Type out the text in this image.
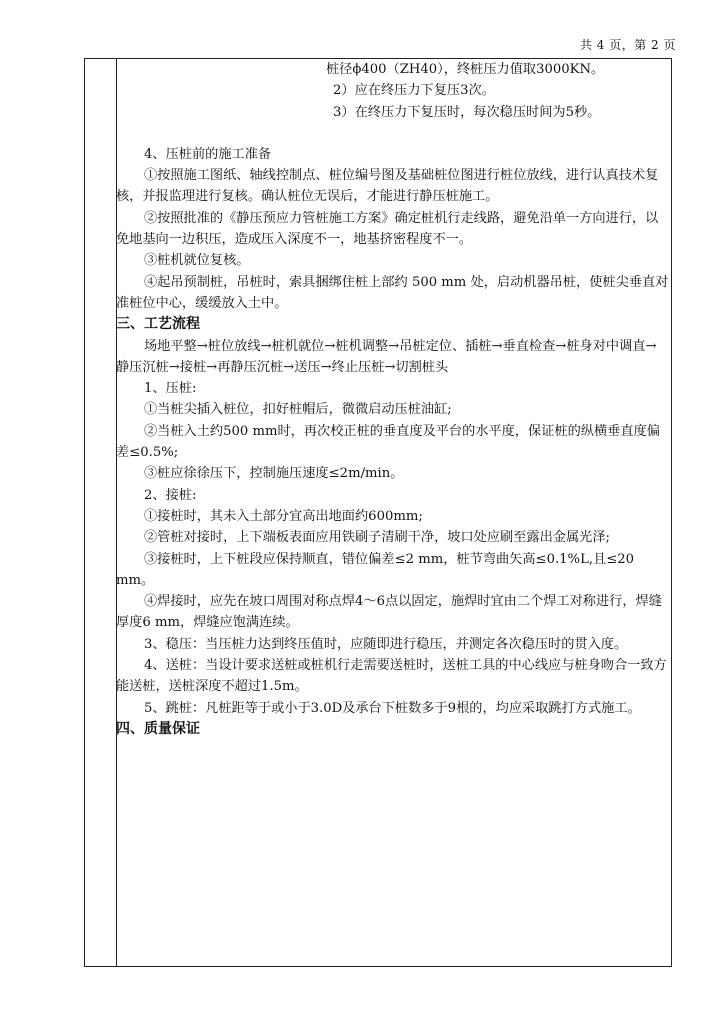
共 4 页，第 2 页

桩径ϕ400（ZH40），终桩压力值取3000KN。

2）应在终压力下复压3次。

3）在终压力下复压时，每次稳压时间为5秒。

4、压桩前的施工准备

①按照施工图纸、轴线控制点、桩位编号图及基础桩位图进行桩位放线，进行认真技术复核，并报监理进行复核。确认桩位无误后，才能进行静压桩施工。

②按照批准的《静压预应力管桩施工方案》确定桩机行走线路，避免沿单一方向进行，以免地基向一边积压，造成压入深度不一，地基挤密程度不一。

③桩机就位复核。

④起吊预制桩，吊桩时，索具捆绑住桩上部约 500 mm 处，启动机器吊桩，使桩尖垂直对准桩位中心，缓缓放入土中。

三、工艺流程

场地平整→桩位放线→桩机就位→桩机调整→吊桩定位、插桩→垂直检查→桩身对中调直→静压沉桩→接桩→再静压沉桩→送压→终止压桩→切割桩头

1、压桩:

①当桩尖插入桩位，扣好桩帽后，微微启动压桩油缸;

②当桩入土约500 mm时，再次校正桩的垂直度及平台的水平度，保证桩的纵横垂直度偏差≤0.5%;

③桩应徐徐压下，控制施压速度≤2m/min。

2、接桩:

①接桩时，其未入土部分宜高出地面约600mm;

②管桩对接时，上下端板表面应用铁刷子清刷干净，坡口处应刷至露出金属光泽;

③接桩时，上下桩段应保持顺直，错位偏差≤2 mm，桩节弯曲矢高≤0.1%L,且≤20 mm。

④焊接时，应先在坡口周围对称点焊4～6点以固定，施焊时宜由二个焊工对称进行，焊缝厚度6 mm，焊缝应饱满连续。

3、稳压：当压桩力达到终压值时，应随即进行稳压，并测定各次稳压时的贯入度。

4、送桩：当设计要求送桩或桩机行走需要送桩时，送桩工具的中心线应与桩身吻合一致方能送桩，送桩深度不超过1.5m。

5、跳桩：凡桩距等于或小于3.0D及承台下桩数多于9根的，均应采取跳打方式施工。

四、质量保证
